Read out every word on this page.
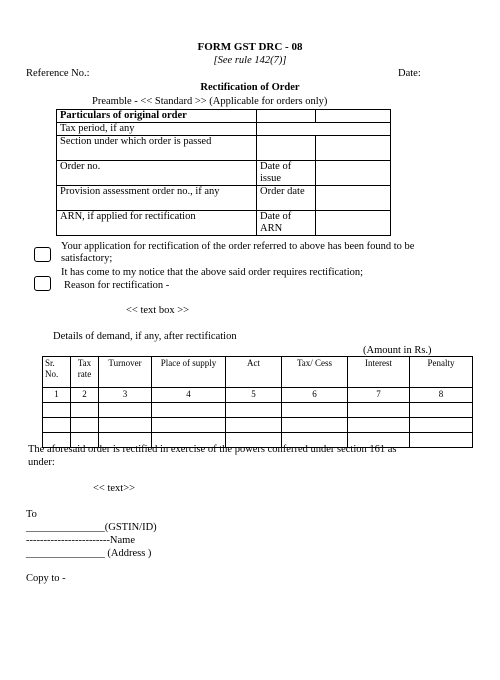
FORM GST DRC - 08
[See rule 142(7)]
Reference No.:	Date:
Rectification of Order
Preamble - << Standard >> (Applicable for orders only)
Particulars of original order		
Tax period, if any		
Section under which order is passed		
Order no.	Date of issue	
Provision assessment order no., if any	Order date	
ARN, if applied for rectification	Date of ARN	
Your application for rectification of the order referred to above has been found to be
satisfactory;
It has come to my notice that the above said order requires rectification;
Reason for rectification -
<< text box >>
Details of demand, if any, after rectification
(Amount in Rs.)
Sr. No.	Tax rate	Turnover	Place of supply	Act	Tax/ Cess	Interest	Penalty
1	2	3	4	5	6	7	8

The aforesaid order is rectified in exercise of the powers conferred under section 161 as
under:
<< text>>
To
_______________(GSTIN/ID)
------------------------Name
_______________ (Address )
Copy to -
